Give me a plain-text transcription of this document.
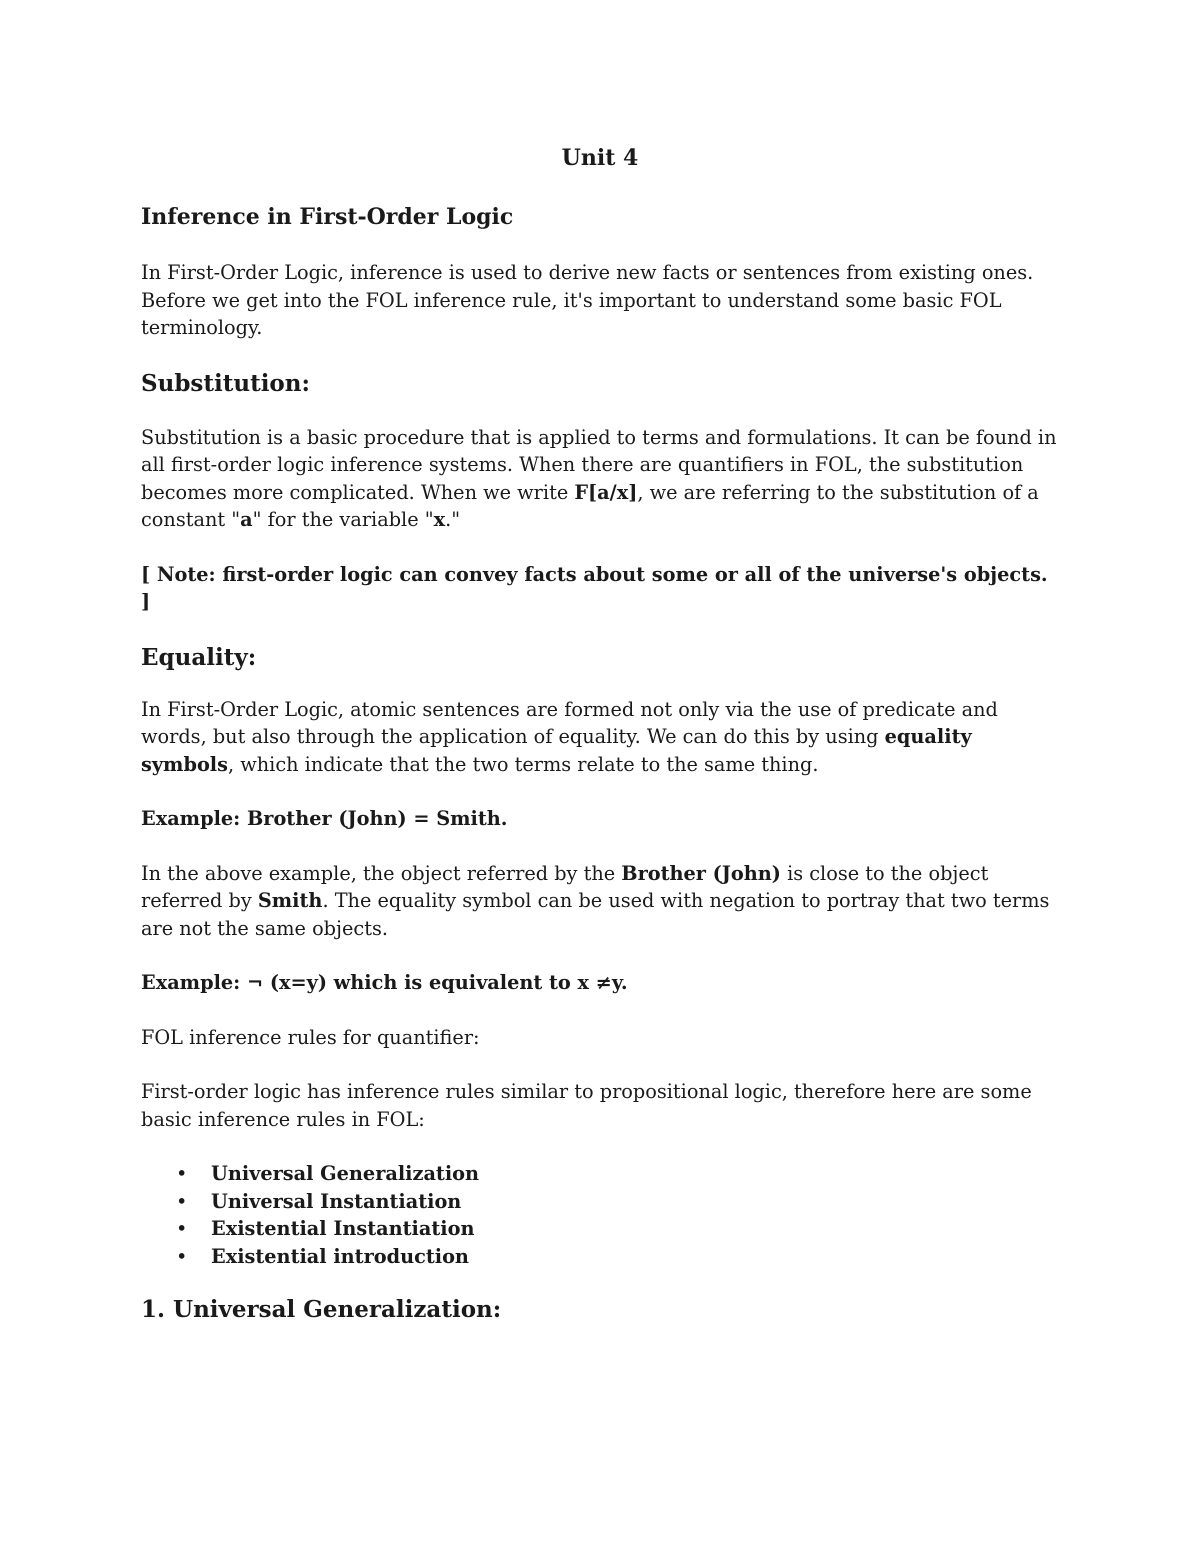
Unit 4
Inference in First-Order Logic

In First-Order Logic, inference is used to derive new facts or sentences from existing ones. Before we get into the FOL inference rule, it's important to understand some basic FOL terminology.

Substitution:

Substitution is a basic procedure that is applied to terms and formulations. It can be found in all first-order logic inference systems. When there are quantifiers in FOL, the substitution becomes more complicated. When we write F[a/x], we are referring to the substitution of a constant "a" for the variable "x."

[ Note: first-order logic can convey facts about some or all of the universe's objects. ]

Equality:

In First-Order Logic, atomic sentences are formed not only via the use of predicate and words, but also through the application of equality. We can do this by using equality symbols, which indicate that the two terms relate to the same thing.

Example: Brother (John) = Smith.

In the above example, the object referred by the Brother (John) is close to the object referred by Smith. The equality symbol can be used with negation to portray that two terms are not the same objects.

Example: ¬ (x=y) which is equivalent to x ≠y.

FOL inference rules for quantifier:

First-order logic has inference rules similar to propositional logic, therefore here are some basic inference rules in FOL:

• Universal Generalization
• Universal Instantiation
• Existential Instantiation
• Existential introduction
1. Universal Generalization:
